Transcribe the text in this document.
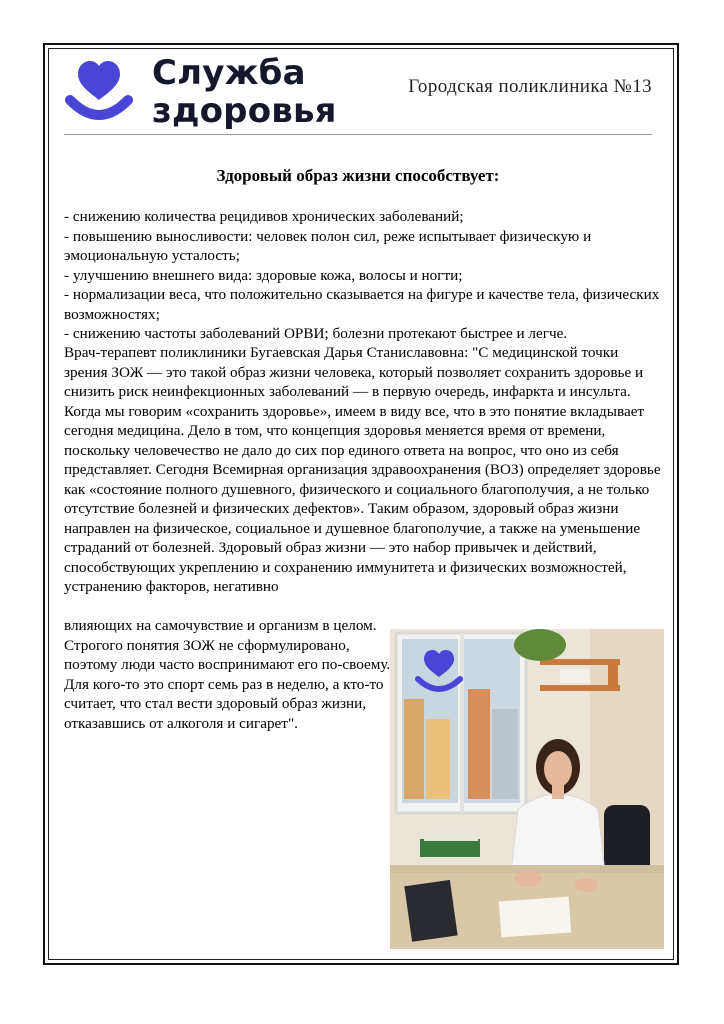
Служба
здоровья
Городская поликлиника №13
Здоровый образ жизни способствует:
- снижению количества рецидивов хронических заболеваний;
- повышению выносливости: человек полон сил, реже испытывает физическую и эмоциональную усталость;
- улучшению внешнего вида: здоровые кожа, волосы и ногти;
- нормализации веса, что положительно сказывается на фигуре и качестве тела, физических возможностях;
- снижению частоты заболеваний ОРВИ; болезни протекают быстрее и легче.
Врач-терапевт поликлиники Бугаевская Дарья Станиславовна: "С медицинской точки зрения ЗОЖ — это такой образ жизни человека, который позволяет сохранить здоровье и снизить риск неинфекционных заболеваний — в первую очередь, инфаркта и инсульта. Когда мы говорим «сохранить здоровье», имеем в виду все, что в это понятие вкладывает сегодня медицина. Дело в том, что концепция здоровья меняется время от времени, поскольку человечество не дало до сих пор единого ответа на вопрос, что оно из себя представляет. Сегодня Всемирная организация здравоохранения (ВОЗ) определяет здоровье как «состояние полного душевного, физического и социального благополучия, а не только отсутствие болезней и физических дефектов». Таким образом, здоровый образ жизни направлен на физическое, социальное и душевное благополучие, а также на уменьшение страданий от болезней. Здоровый образ жизни — это набор привычек и действий, способствующих укреплению и сохранению иммунитета и физических возможностей, устранению факторов, негативно
влияющих на самочувствие и организм в целом. Строгого понятия ЗОЖ не сформулировано, поэтому люди часто воспринимают его по-своему. Для кого-то это спорт семь раз в неделю, а кто-то считает, что стал вести здоровый образ жизни, отказавшись от алкоголя и сигарет".
